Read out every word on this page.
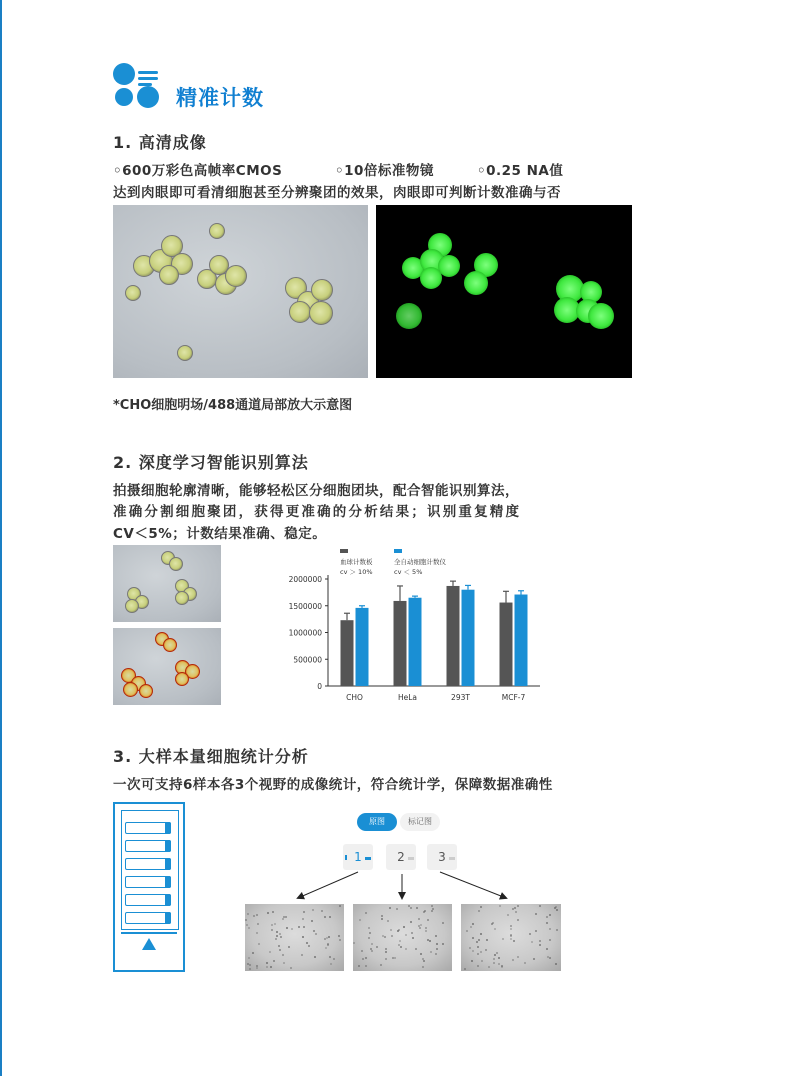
精准计数
1. 高清成像
◦600万彩色高帧率CMOS	◦10倍标准物镜	◦0.25 NA值
达到肉眼即可看清细胞甚至分辨聚团的效果，肉眼即可判断计数准确与否
*CHO细胞明场/488通道局部放大示意图
2. 深度学习智能识别算法
拍摄细胞轮廓清晰，能够轻松区分细胞团块，配合智能识别算法，
准确分割细胞聚团，获得更准确的分析结果；识别重复精度
CV＜5%；计数结果准确、稳定。
0
500000
1000000
1500000
2000000
CHO	HeLa	293T	MCF-7
血球计数板
cv ＞ 10%
全自动细胞计数仪
cv ＜ 5%
3. 大样本量细胞统计分析
一次可支持6样本各3个视野的成像统计，符合统计学，保障数据准确性
原图	标记图
1	2	3
